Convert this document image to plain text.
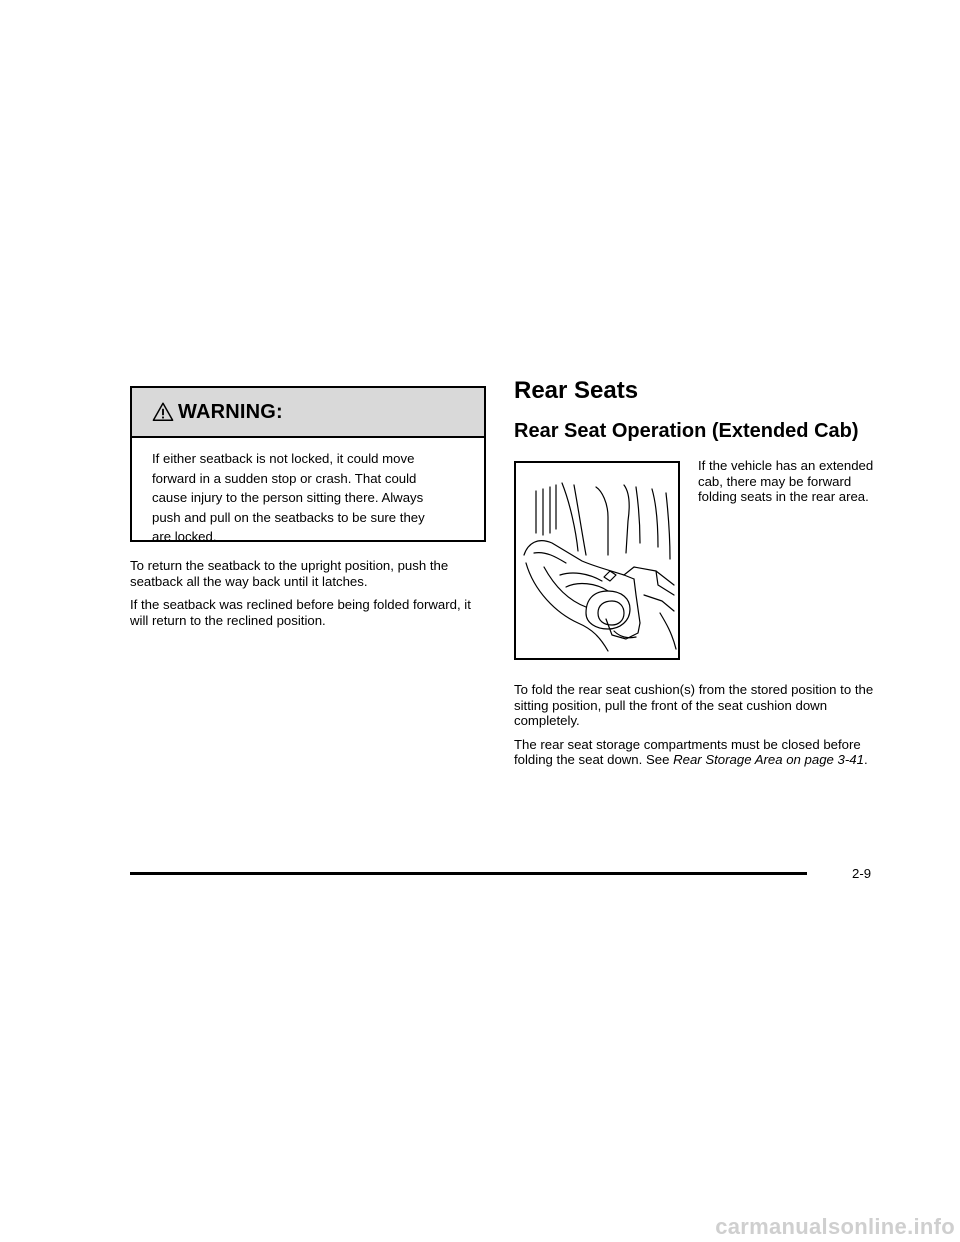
WARNING:
If either seatback is not locked, it could move
forward in a sudden stop or crash. That could
cause injury to the person sitting there. Always
push and pull on the seatbacks to be sure they
are locked.

To return the seatback to the upright position, push the seatback all the way back until it latches.

If the seatback was reclined before being folded forward, it will return to the reclined position.

Rear Seats
Rear Seat Operation (Extended Cab)

If the vehicle has an extended cab, there may be forward folding seats in the rear area.

To fold the rear seat cushion(s) from the stored position to the sitting position, pull the front of the seat cushion down completely.

The rear seat storage compartments must be closed before folding the seat down. See Rear Storage Area on page 3-41.

2-9
carmanualsonline.info
